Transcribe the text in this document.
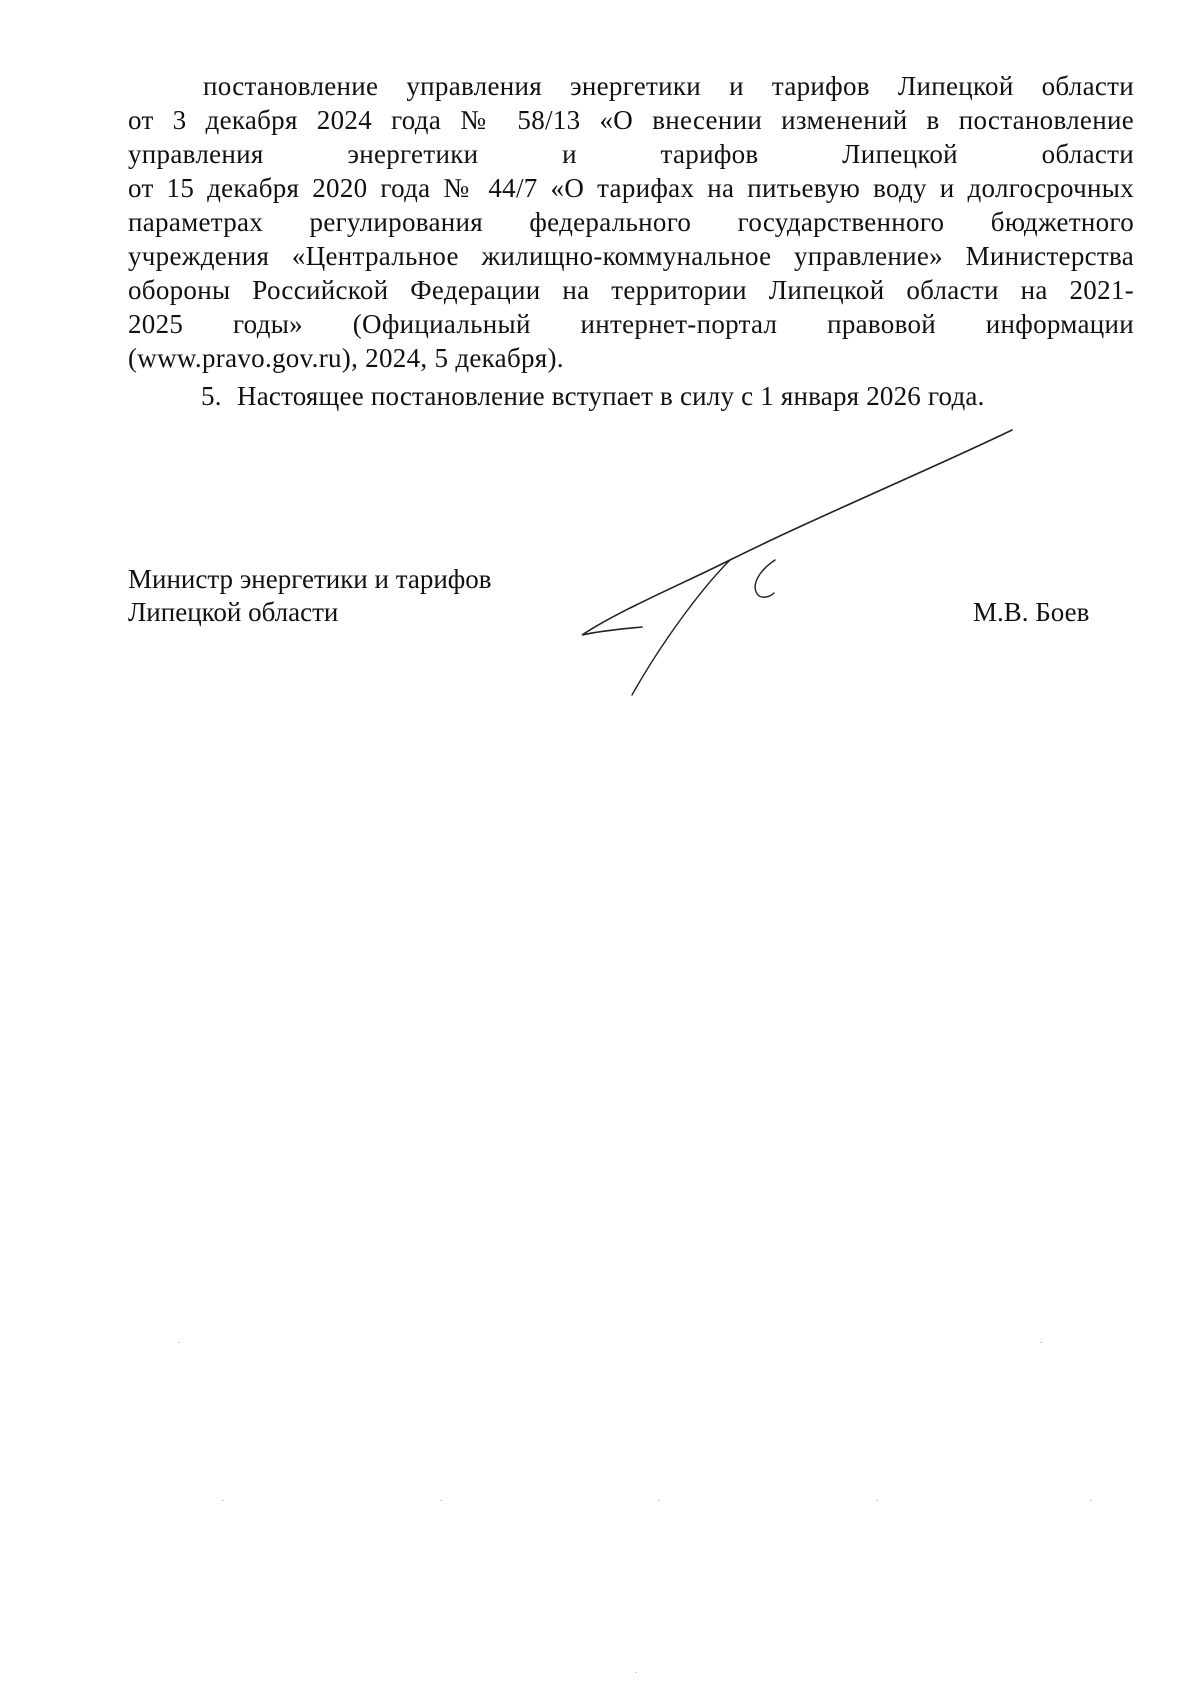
постановление управления энергетики и тарифов Липецкой области
от 3 декабря 2024 года № 58/13 «О внесении изменений в постановление
управления энергетики и тарифов Липецкой области
от 15 декабря 2020 года № 44/7 «О тарифах на питьевую воду и долгосрочных
параметрах регулирования федерального государственного бюджетного
учреждения «Центральное жилищно-коммунальное управление» Министерства
обороны Российской Федерации на территории Липецкой области на 2021-
2025 годы» (Официальный интернет-портал правовой информации
(www.pravo.gov.ru), 2024, 5 декабря).
5. Настоящее постановление вступает в силу с 1 января 2026 года.
Министр энергетики и тарифов
Липецкой области	М.В. Боев
